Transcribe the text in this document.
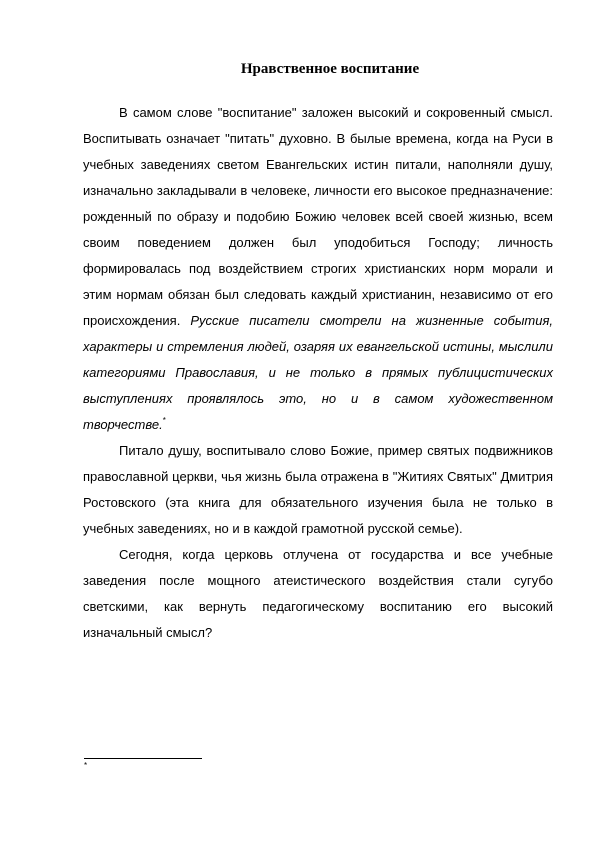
Нравственное воспитание

В самом слове "воспитание" заложен высокий и сокровенный смысл. Воспитывать означает "питать" духовно. В былые времена, когда на Руси в учебных заведениях светом Евангельских истин питали, наполняли душу, изначально закладывали в человеке, личности его высокое предназначение: рожденный по образу и подобию Божию человек всей своей жизнью, всем своим поведением должен был уподобиться Господу; личность формировалась под воздействием строгих христианских норм морали и этим нормам обязан был следовать каждый христианин, независимо от его происхождения. Русские писатели смотрели на жизненные события, характеры и стремления людей, озаряя их евангельской истины, мыслили категориями Православия, и не только в прямых публицистических выступлениях проявлялось это, но и в самом художественном творчестве.*

Питало душу, воспитывало слово Божие, пример святых подвижников православной церкви, чья жизнь была отражена в "Житиях Святых" Дмитрия Ростовского (эта книга для обязательного изучения была не только в учебных заведениях, но и в каждой грамотной русской семье).

Сегодня, когда церковь отлучена от государства и все учебные заведения после мощного атеистического воздействия стали сугубо светскими, как вернуть педагогическому воспитанию его высокий изначальный смысл?

*
